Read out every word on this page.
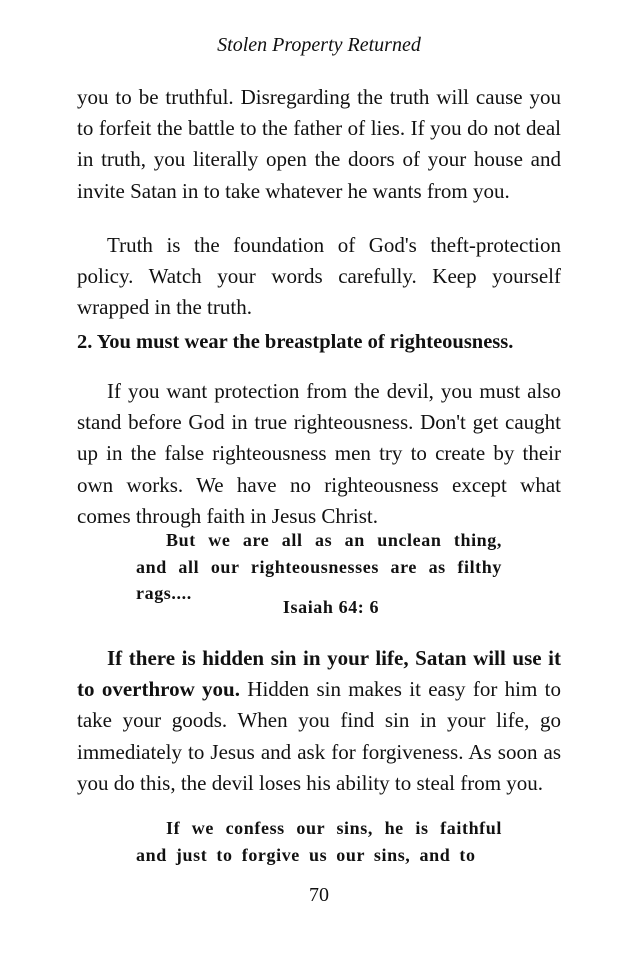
Stolen Property Returned

you to be truthful. Disregarding the truth will cause you to forfeit the battle to the father of lies. If you do not deal in truth, you literally open the doors of your house and invite Satan in to take whatever he wants from you.

Truth is the foundation of God's theft-protection policy. Watch your words carefully. Keep yourself wrapped in the truth.

2. You must wear the breastplate of righteousness.

If you want protection from the devil, you must also stand before God in true righteousness. Don't get caught up in the false righteousness men try to create by their own works. We have no righteousness except what comes through faith in Jesus Christ.

But we are all as an unclean thing, and all our righteousnesses are as filthy rags....

Isaiah 64: 6

If there is hidden sin in your life, Satan will use it to overthrow you. Hidden sin makes it easy for him to take your goods. When you find sin in your life, go immediately to Jesus and ask for forgiveness. As soon as you do this, the devil loses his ability to steal from you.

If we confess our sins, he is faithful and just to forgive us our sins, and to

70
